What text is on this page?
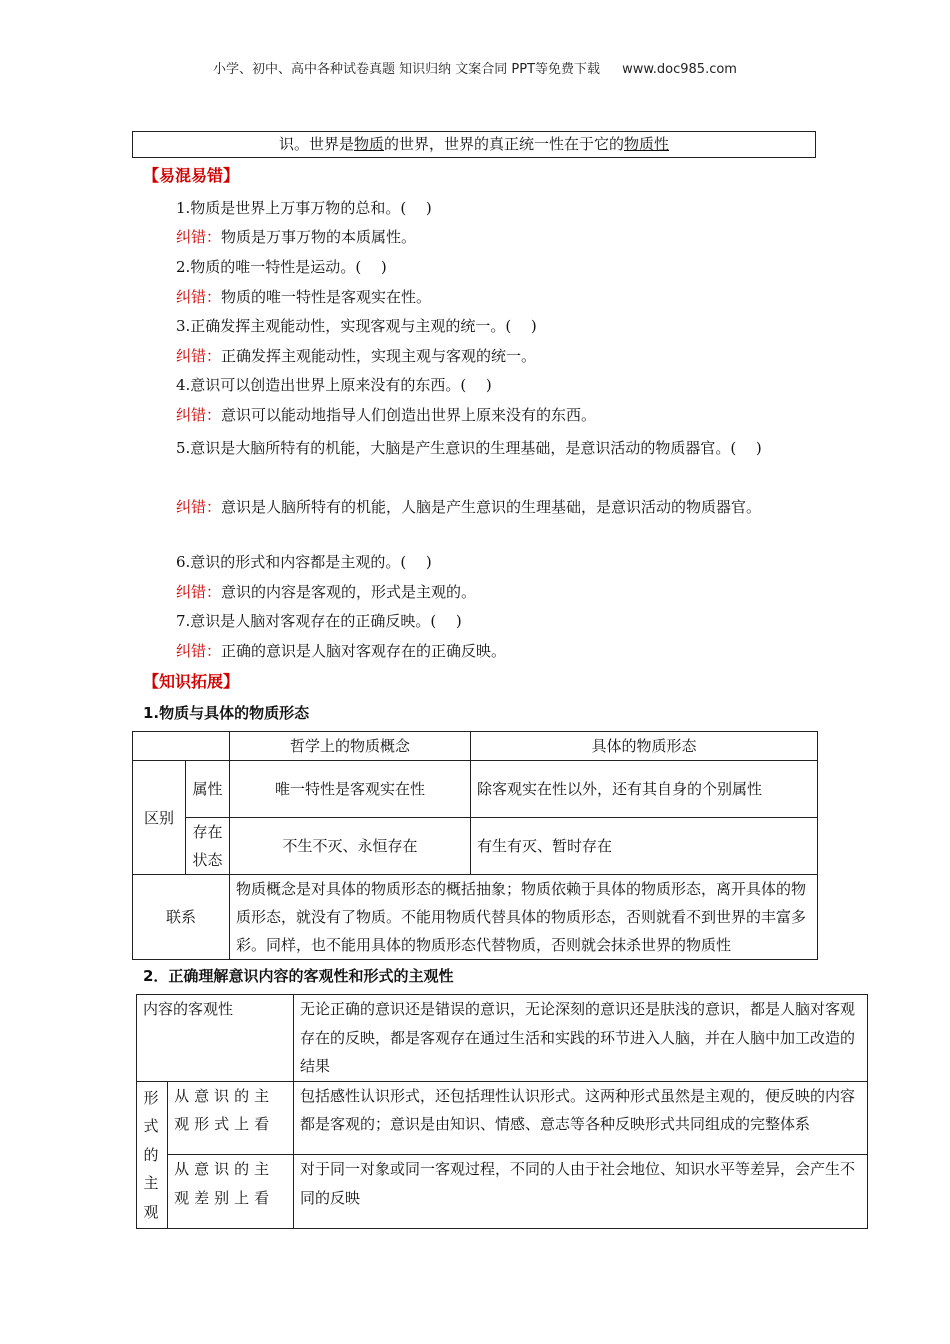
小学、初中、高中各种试卷真题 知识归纳 文案合同 PPT等免费下载 www.doc985.com
识。世界是物质的世界，世界的真正统一性在于它的物质性
【易混易错】
1.物质是世界上万事万物的总和。(　 )
纠错：物质是万事万物的本质属性。
2.物质的唯一特性是运动。(　 )
纠错：物质的唯一特性是客观实在性。
3.正确发挥主观能动性，实现客观与主观的统一。(　 )
纠错：正确发挥主观能动性，实现主观与客观的统一。
4.意识可以创造出世界上原来没有的东西。(　 )
纠错：意识可以能动地指导人们创造出世界上原来没有的东西。
5.意识是大脑所特有的机能，大脑是产生意识的生理基础，是意识活动的物质器官。(　 )
纠错：意识是人脑所特有的机能，人脑是产生意识的生理基础，是意识活动的物质器官。
6.意识的形式和内容都是主观的。(　 )
纠错：意识的内容是客观的，形式是主观的。
7.意识是人脑对客观存在的正确反映。(　 )
纠错：正确的意识是人脑对客观存在的正确反映。
【知识拓展】
1.物质与具体的物质形态
		哲学上的物质概念	具体的物质形态
区别	属性	唯一特性是客观实在性	除客观实在性以外，还有其自身的个别属性
	存在状态	不生不灭、永恒存在	有生有灭、暂时存在
联系		物质概念是对具体的物质形态的概括抽象；物质依赖于具体的物质形态，离开具体的物质形态，就没有了物质。不能用物质代替具体的物质形态，否则就看不到世界的丰富多彩。同样，也不能用具体的物质形态代替物质，否则就会抹杀世界的物质性	
2．正确理解意识内容的客观性和形式的主观性
内容的客观性		无论正确的意识还是错误的意识，无论深刻的意识还是肤浅的意识，都是人脑对客观存在的反映，都是客观存在通过生活和实践的环节进入人脑，并在人脑中加工改造的结果

形式的主观	从意识的主观形式上看	包括感性认识形式，还包括理性认识形式。这两种形式虽然是主观的，便反映的内容都是客观的；意识是由知识、情感、意志等各种反映形式共同组成的完整体系
	从意识的主观差别上看	对于同一对象或同一客观过程，不同的人由于社会地位、知识水平等差异，会产生不同的反映
